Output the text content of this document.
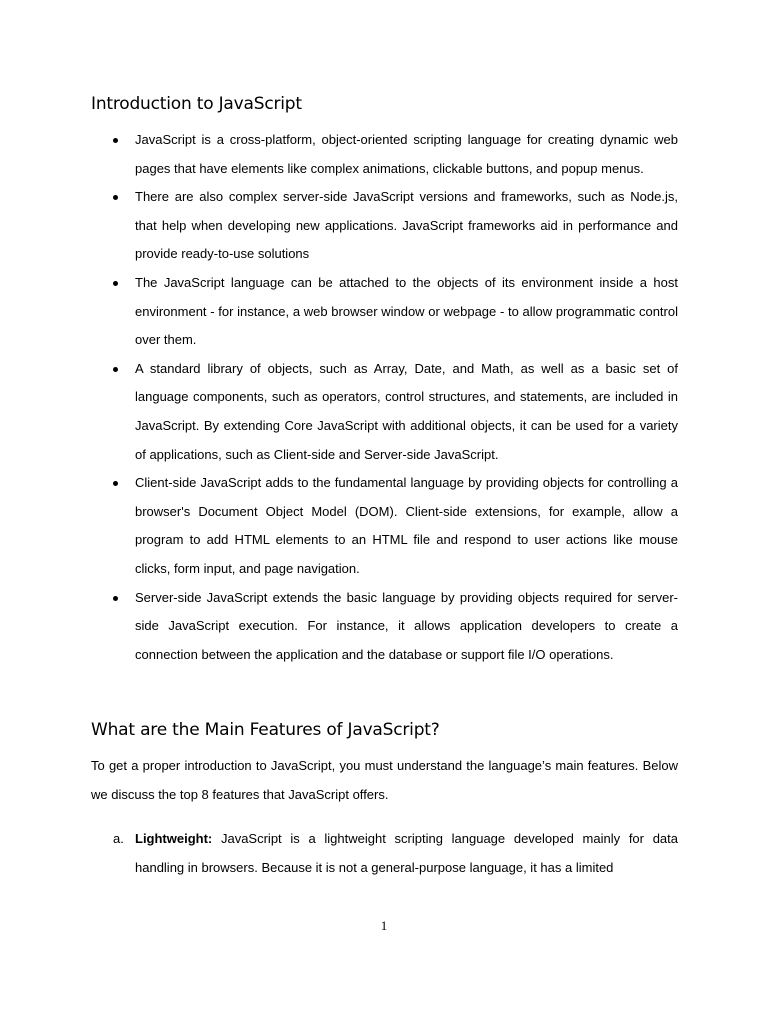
Introduction to JavaScript
JavaScript is a cross-platform, object-oriented scripting language for creating dynamic web pages that have elements like complex animations, clickable buttons, and popup menus.
There are also complex server-side JavaScript versions and frameworks, such as Node.js, that help when developing new applications. JavaScript frameworks aid in performance and provide ready-to-use solutions
The JavaScript language can be attached to the objects of its environment inside a host environment - for instance, a web browser window or webpage - to allow programmatic control over them.
A standard library of objects, such as Array, Date, and Math, as well as a basic set of language components, such as operators, control structures, and statements, are included in JavaScript. By extending Core JavaScript with additional objects, it can be used for a variety of applications, such as Client-side and Server-side JavaScript.
Client-side JavaScript adds to the fundamental language by providing objects for controlling a browser's Document Object Model (DOM). Client-side extensions, for example, allow a program to add HTML elements to an HTML file and respond to user actions like mouse clicks, form input, and page navigation.
Server-side JavaScript extends the basic language by providing objects required for server-side JavaScript execution. For instance, it allows application developers to create a connection between the application and the database or support file I/O operations.
What are the Main Features of JavaScript?

To get a proper introduction to JavaScript, you must understand the language’s main features. Below we discuss the top 8 features that JavaScript offers.

a. Lightweight: JavaScript is a lightweight scripting language developed mainly for data handling in browsers. Because it is not a general-purpose language, it has a limited

1
